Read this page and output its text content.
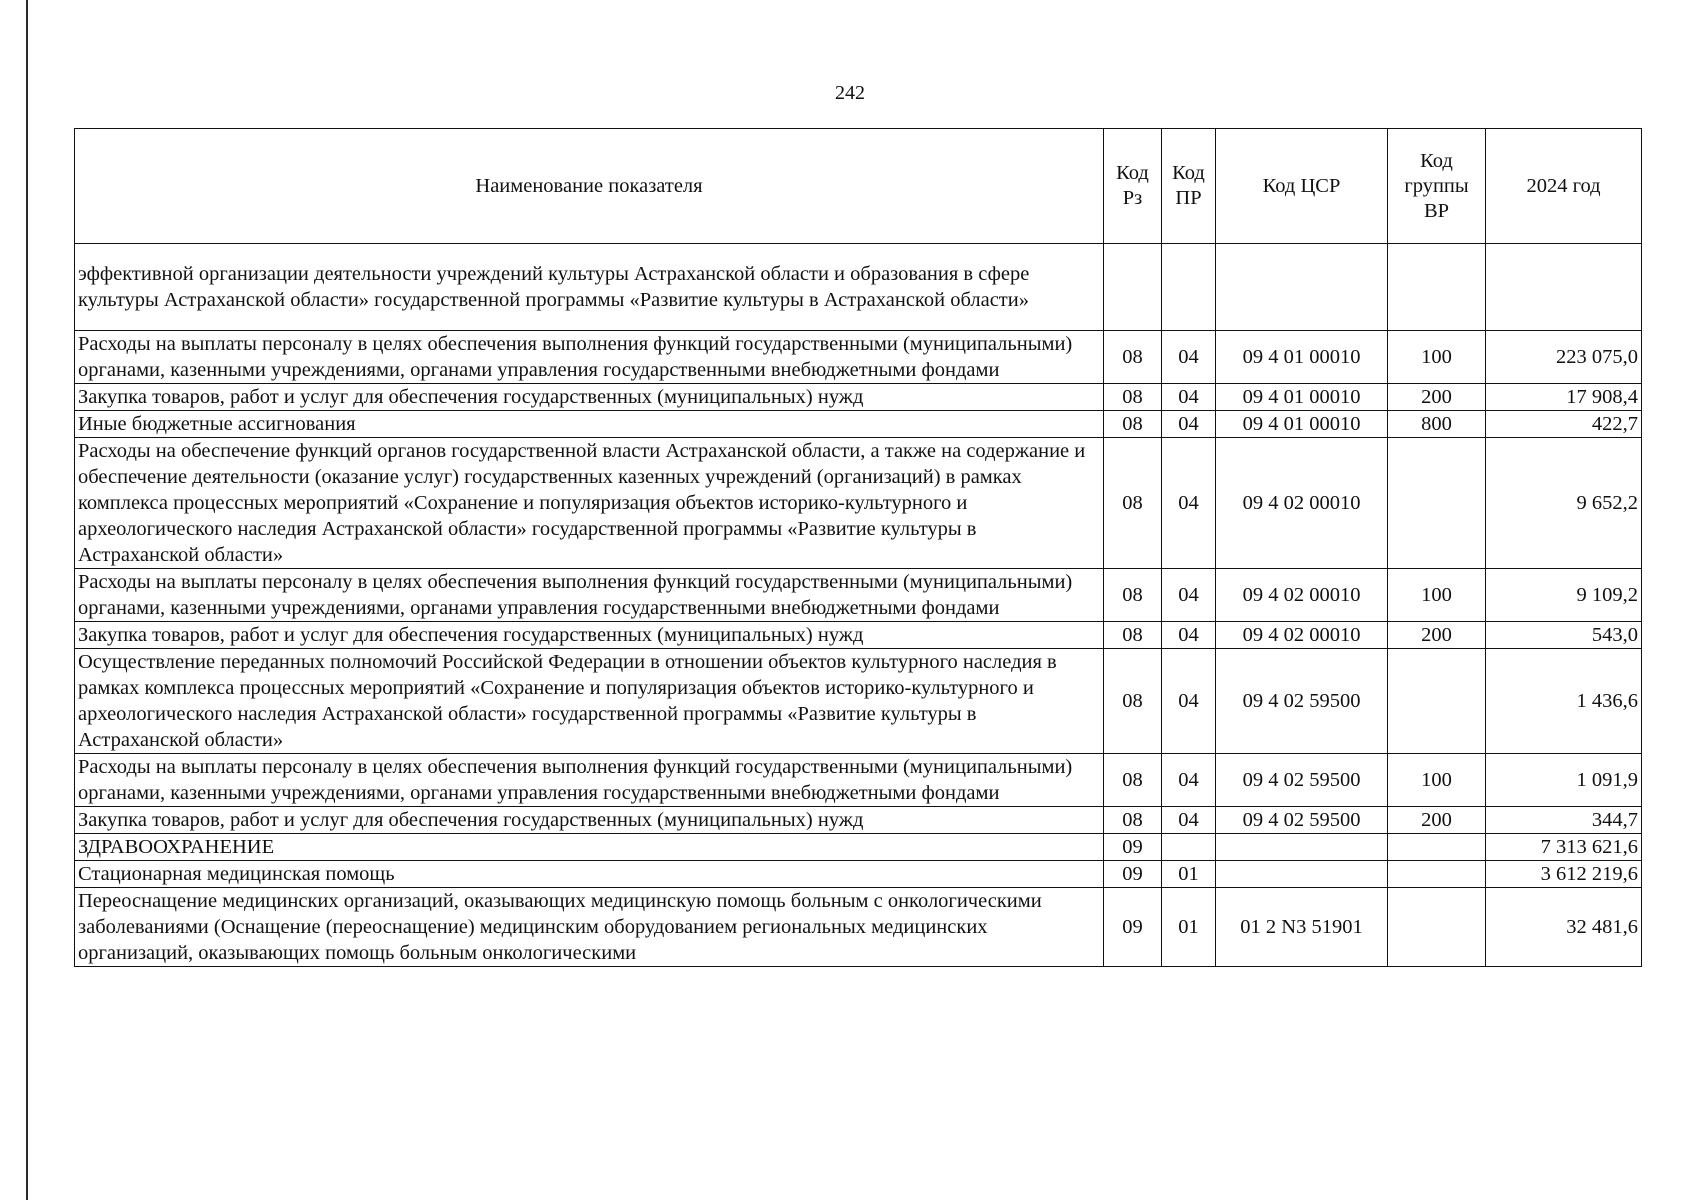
242
Наименование показателя	Код Рз	Код ПР	Код ЦСР	Код группы ВР	2024 год
эффективной организации деятельности учреждений культуры Астраханской области и образования в сфере культуры Астраханской области» государственной программы «Развитие культуры в Астраханской области»					
Расходы на выплаты персоналу в целях обеспечения выполнения функций государственными (муниципальными) органами, казенными учреждениями, органами управления государственными внебюджетными фондами	08	04	09 4 01 00010	100	223 075,0
Закупка товаров, работ и услуг для обеспечения государственных (муниципальных) нужд	08	04	09 4 01 00010	200	17 908,4
Иные бюджетные ассигнования	08	04	09 4 01 00010	800	422,7
Расходы на обеспечение функций органов государственной власти Астраханской области, а также на содержание и обеспечение деятельности (оказание услуг) государственных казенных учреждений (организаций) в рамках комплекса процессных мероприятий «Сохранение и популяризация объектов историко-культурного и археологического наследия Астраханской области» государственной программы «Развитие культуры в Астраханской области»	08	04	09 4 02 00010		9 652,2
Расходы на выплаты персоналу в целях обеспечения выполнения функций государственными (муниципальными) органами, казенными учреждениями, органами управления государственными внебюджетными фондами	08	04	09 4 02 00010	100	9 109,2
Закупка товаров, работ и услуг для обеспечения государственных (муниципальных) нужд	08	04	09 4 02 00010	200	543,0
Осуществление переданных полномочий Российской Федерации в отношении объектов культурного наследия в рамках комплекса процессных мероприятий «Сохранение и популяризация объектов историко-культурного и археологического наследия Астраханской области» государственной программы «Развитие культуры в Астраханской области»	08	04	09 4 02 59500		1 436,6
Расходы на выплаты персоналу в целях обеспечения выполнения функций государственными (муниципальными) органами, казенными учреждениями, органами управления государственными внебюджетными фондами	08	04	09 4 02 59500	100	1 091,9
Закупка товаров, работ и услуг для обеспечения государственных (муниципальных) нужд	08	04	09 4 02 59500	200	344,7
ЗДРАВООХРАНЕНИЕ	09				7 313 621,6
Стационарная медицинская помощь	09	01			3 612 219,6
Переоснащение медицинских организаций, оказывающих медицинскую помощь больным с онкологическими заболеваниями (Оснащение (переоснащение) медицинским оборудованием региональных медицинских организаций, оказывающих помощь больным онкологическими	09	01	01 2 N3 51901		32 481,6
